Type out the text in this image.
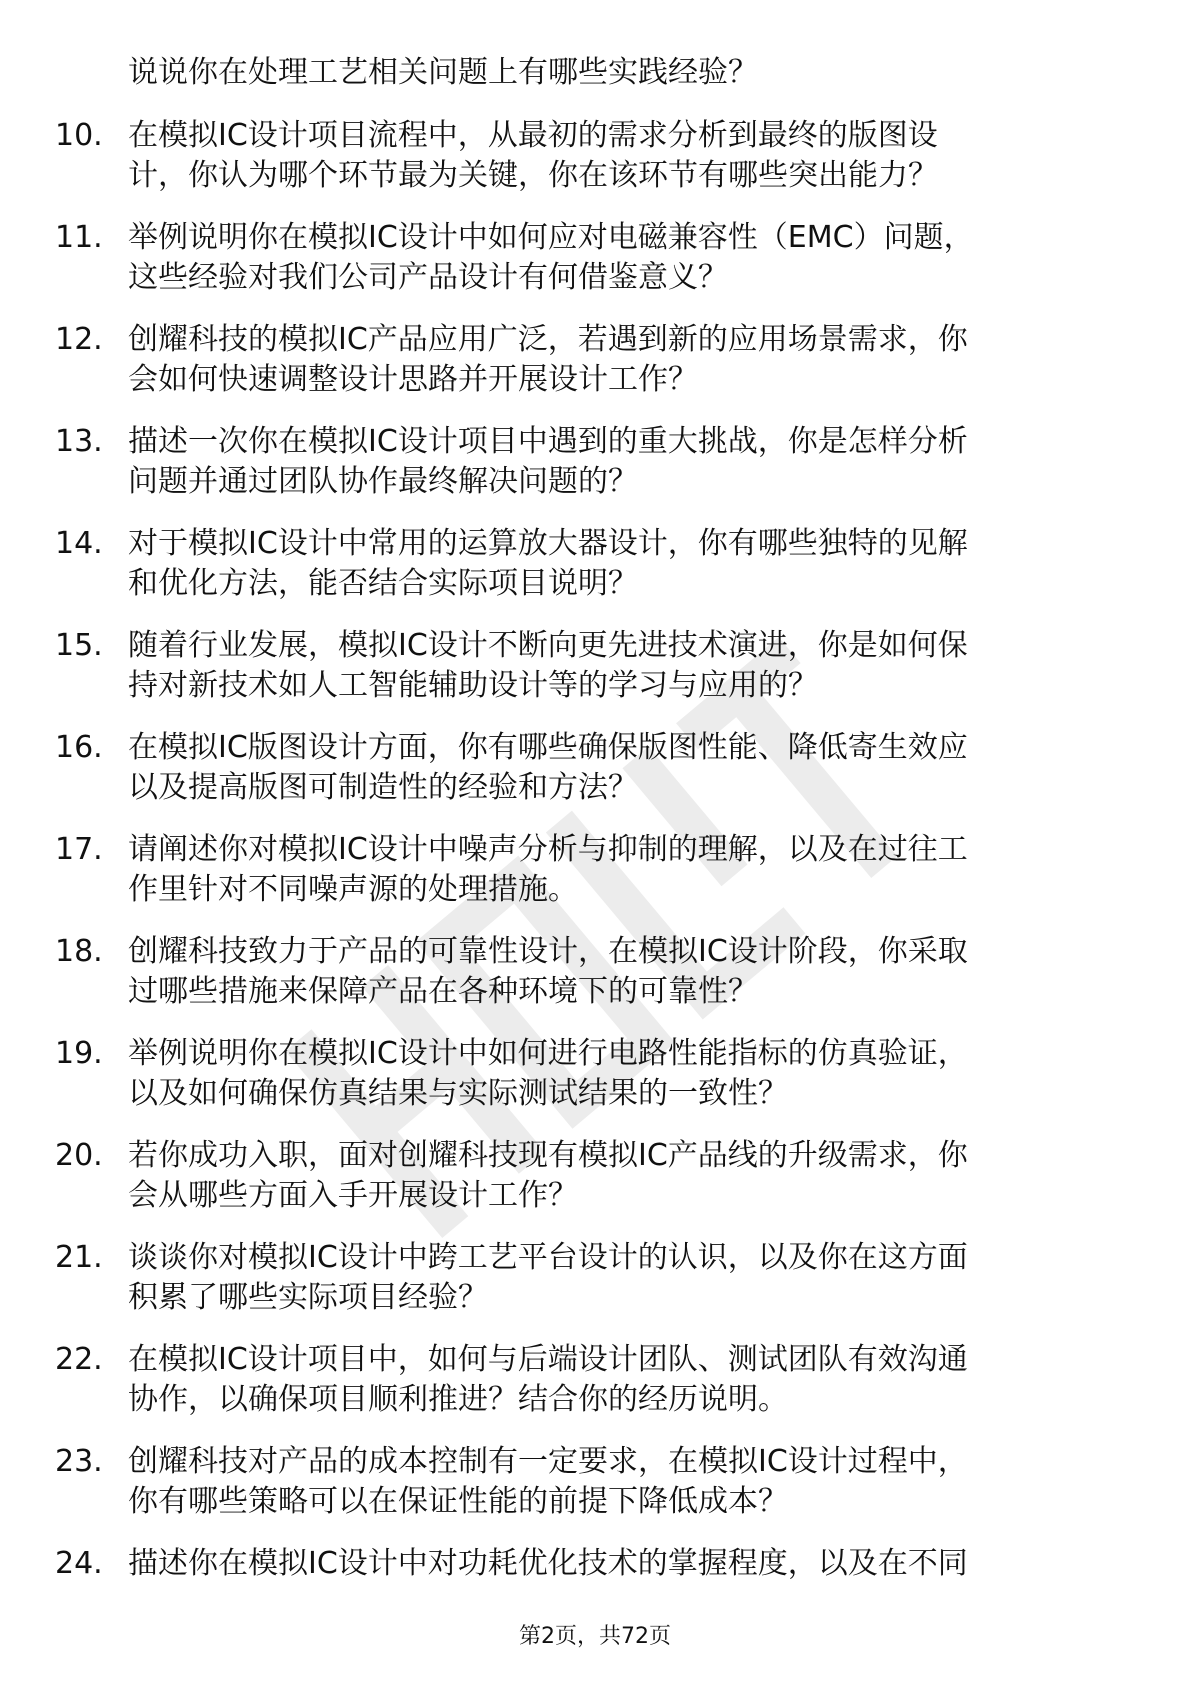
说说你在处理工艺相关问题上有哪些实践经验？
10. 在模拟IC设计项目流程中，从最初的需求分析到最终的版图设
计，你认为哪个环节最为关键，你在该环节有哪些突出能力？
11. 举例说明你在模拟IC设计中如何应对电磁兼容性（EMC）问题，
这些经验对我们公司产品设计有何借鉴意义？
12. 创耀科技的模拟IC产品应用广泛，若遇到新的应用场景需求，你
会如何快速调整设计思路并开展设计工作？
13. 描述一次你在模拟IC设计项目中遇到的重大挑战，你是怎样分析
问题并通过团队协作最终解决问题的？
14. 对于模拟IC设计中常用的运算放大器设计，你有哪些独特的见解
和优化方法，能否结合实际项目说明？
15. 随着行业发展，模拟IC设计不断向更先进技术演进，你是如何保
持对新技术如人工智能辅助设计等的学习与应用的？
16. 在模拟IC版图设计方面，你有哪些确保版图性能、降低寄生效应
以及提高版图可制造性的经验和方法？
17. 请阐述你对模拟IC设计中噪声分析与抑制的理解，以及在过往工
作里针对不同噪声源的处理措施。
18. 创耀科技致力于产品的可靠性设计，在模拟IC设计阶段，你采取
过哪些措施来保障产品在各种环境下的可靠性？
19. 举例说明你在模拟IC设计中如何进行电路性能指标的仿真验证，
以及如何确保仿真结果与实际测试结果的一致性？
20. 若你成功入职，面对创耀科技现有模拟IC产品线的升级需求，你
会从哪些方面入手开展设计工作？
21. 谈谈你对模拟IC设计中跨工艺平台设计的认识，以及你在这方面
积累了哪些实际项目经验？
22. 在模拟IC设计项目中，如何与后端设计团队、测试团队有效沟通
协作，以确保项目顺利推进？结合你的经历说明。
23. 创耀科技对产品的成本控制有一定要求，在模拟IC设计过程中，
你有哪些策略可以在保证性能的前提下降低成本？
24. 描述你在模拟IC设计中对功耗优化技术的掌握程度，以及在不同
第2页，共72页
